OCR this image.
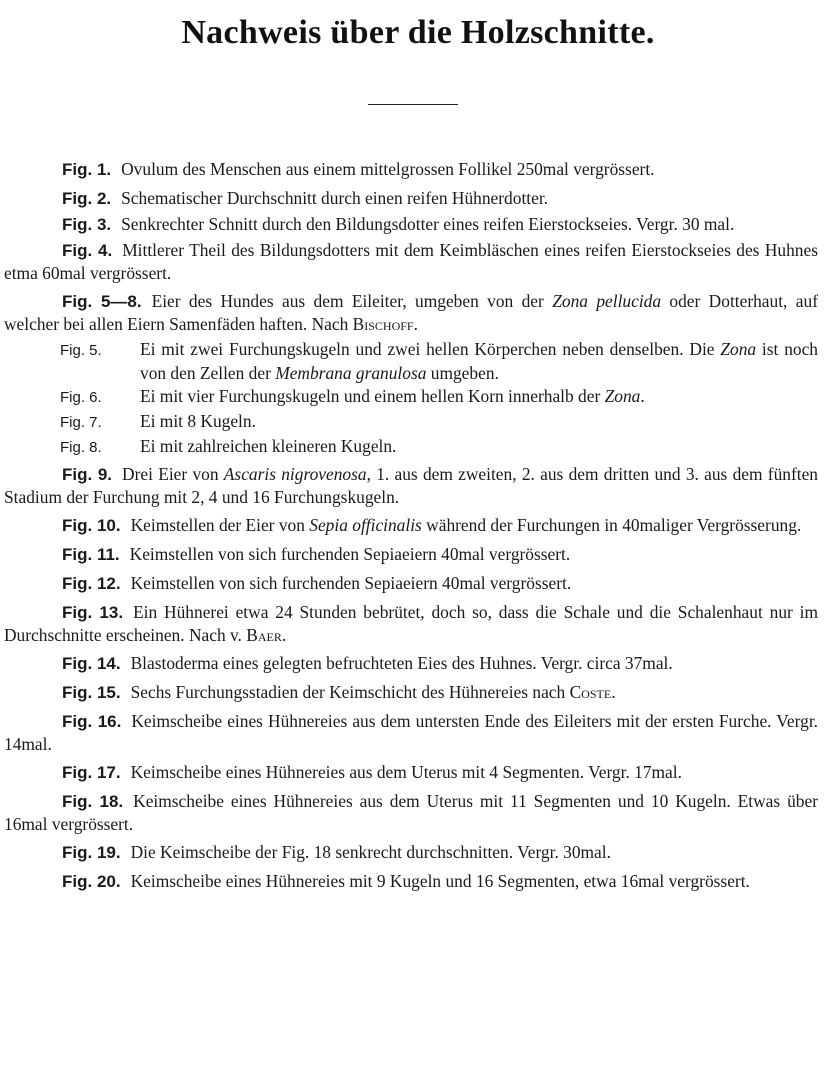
Nachweis über die Holzschnitte.

Fig. 1. Ovulum des Menschen aus einem mittelgrossen Follikel 250mal vergrössert.

Fig. 2. Schematischer Durchschnitt durch einen reifen Hühnerdotter.

Fig. 3. Senkrechter Schnitt durch den Bildungsdotter eines reifen Eierstockseies. Vergr. 30 mal.

Fig. 4. Mittlerer Theil des Bildungsdotters mit dem Keimbläschen eines reifen Eierstockseies des Huhnes etma 60mal vergrössert.

Fig. 5—8. Eier des Hundes aus dem Eileiter, umgeben von der Zona pellucida oder Dotterhaut, auf welcher bei allen Eiern Samenfäden haften. Nach Bischoff.

Fig. 5. Ei mit zwei Furchungskugeln und zwei hellen Körperchen neben denselben. Die Zona ist noch von den Zellen der Membrana granulosa umgeben.

Fig. 6. Ei mit vier Furchungskugeln und einem hellen Korn innerhalb der Zona.

Fig. 7. Ei mit 8 Kugeln.

Fig. 8. Ei mit zahlreichen kleineren Kugeln.

Fig. 9. Drei Eier von Ascaris nigrovenosa, 1. aus dem zweiten, 2. aus dem dritten und 3. aus dem fünften Stadium der Furchung mit 2, 4 und 16 Furchungskugeln.

Fig. 10. Keimstellen der Eier von Sepia officinalis während der Furchungen in 40maliger Vergrösserung.

Fig. 11. Keimstellen von sich furchenden Sepiaeiern 40mal vergrössert.

Fig. 12. Keimstellen von sich furchenden Sepiaeiern 40mal vergrössert.

Fig. 13. Ein Hühnerei etwa 24 Stunden bebrütet, doch so, dass die Schale und die Schalenhaut nur im Durchschnitte erscheinen. Nach v. Baer.

Fig. 14. Blastoderma eines gelegten befruchteten Eies des Huhnes. Vergr. circa 37mal.

Fig. 15. Sechs Furchungsstadien der Keimschicht des Hühnereies nach Coste.

Fig. 16. Keimscheibe eines Hühnereies aus dem untersten Ende des Eileiters mit der ersten Furche. Vergr. 14mal.

Fig. 17. Keimscheibe eines Hühnereies aus dem Uterus mit 4 Segmenten. Vergr. 17mal.

Fig. 18. Keimscheibe eines Hühnereies aus dem Uterus mit 11 Segmenten und 10 Kugeln. Etwas über 16mal vergrössert.

Fig. 19. Die Keimscheibe der Fig. 18 senkrecht durchschnitten. Vergr. 30mal.

Fig. 20. Keimscheibe eines Hühnereies mit 9 Kugeln und 16 Segmenten, etwa 16mal vergrössert.
